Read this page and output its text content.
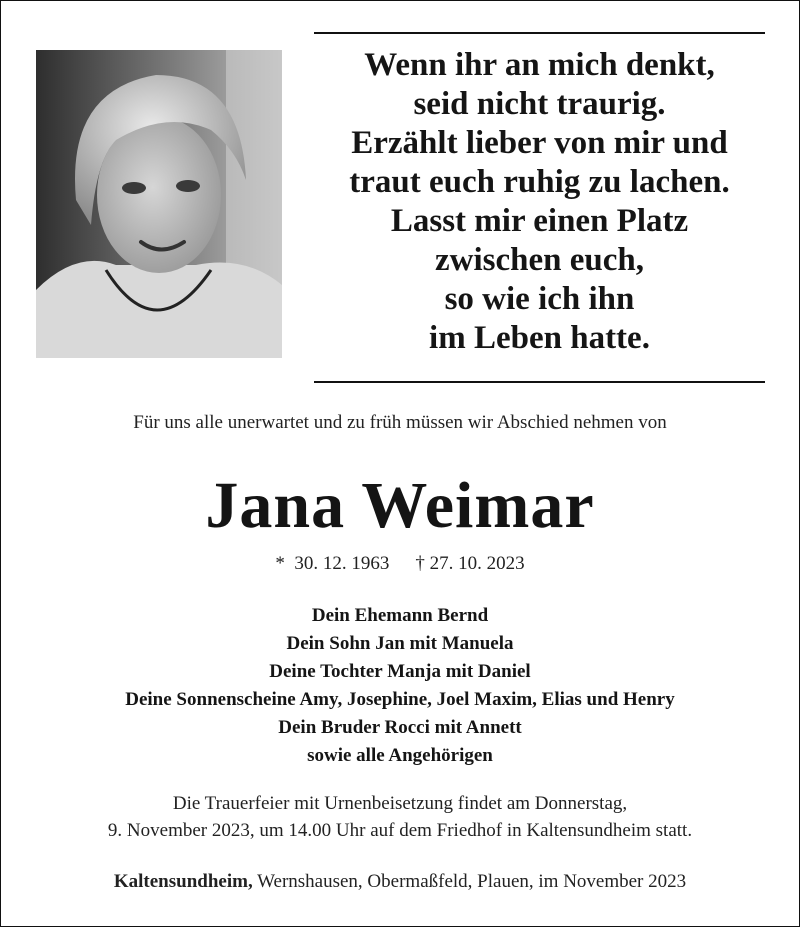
Wenn ihr an mich denkt,
seid nicht traurig.
Erzählt lieber von mir und
traut euch ruhig zu lachen.
Lasst mir einen Platz
zwischen euch,
so wie ich ihn
im Leben hatte.
Für uns alle unerwartet und zu früh müssen wir Abschied nehmen von
Jana Weimar
* 30. 12. 1963 † 27. 10. 2023
Dein Ehemann Bernd
Dein Sohn Jan mit Manuela
Deine Tochter Manja mit Daniel
Deine Sonnenscheine Amy, Josephine, Joel Maxim, Elias und Henry
Dein Bruder Rocci mit Annett
sowie alle Angehörigen
Die Trauerfeier mit Urnenbeisetzung findet am Donnerstag,
9. November 2023, um 14.00 Uhr auf dem Friedhof in Kaltensundheim statt.
Kaltensundheim, Wernshausen, Obermaßfeld, Plauen, im November 2023
